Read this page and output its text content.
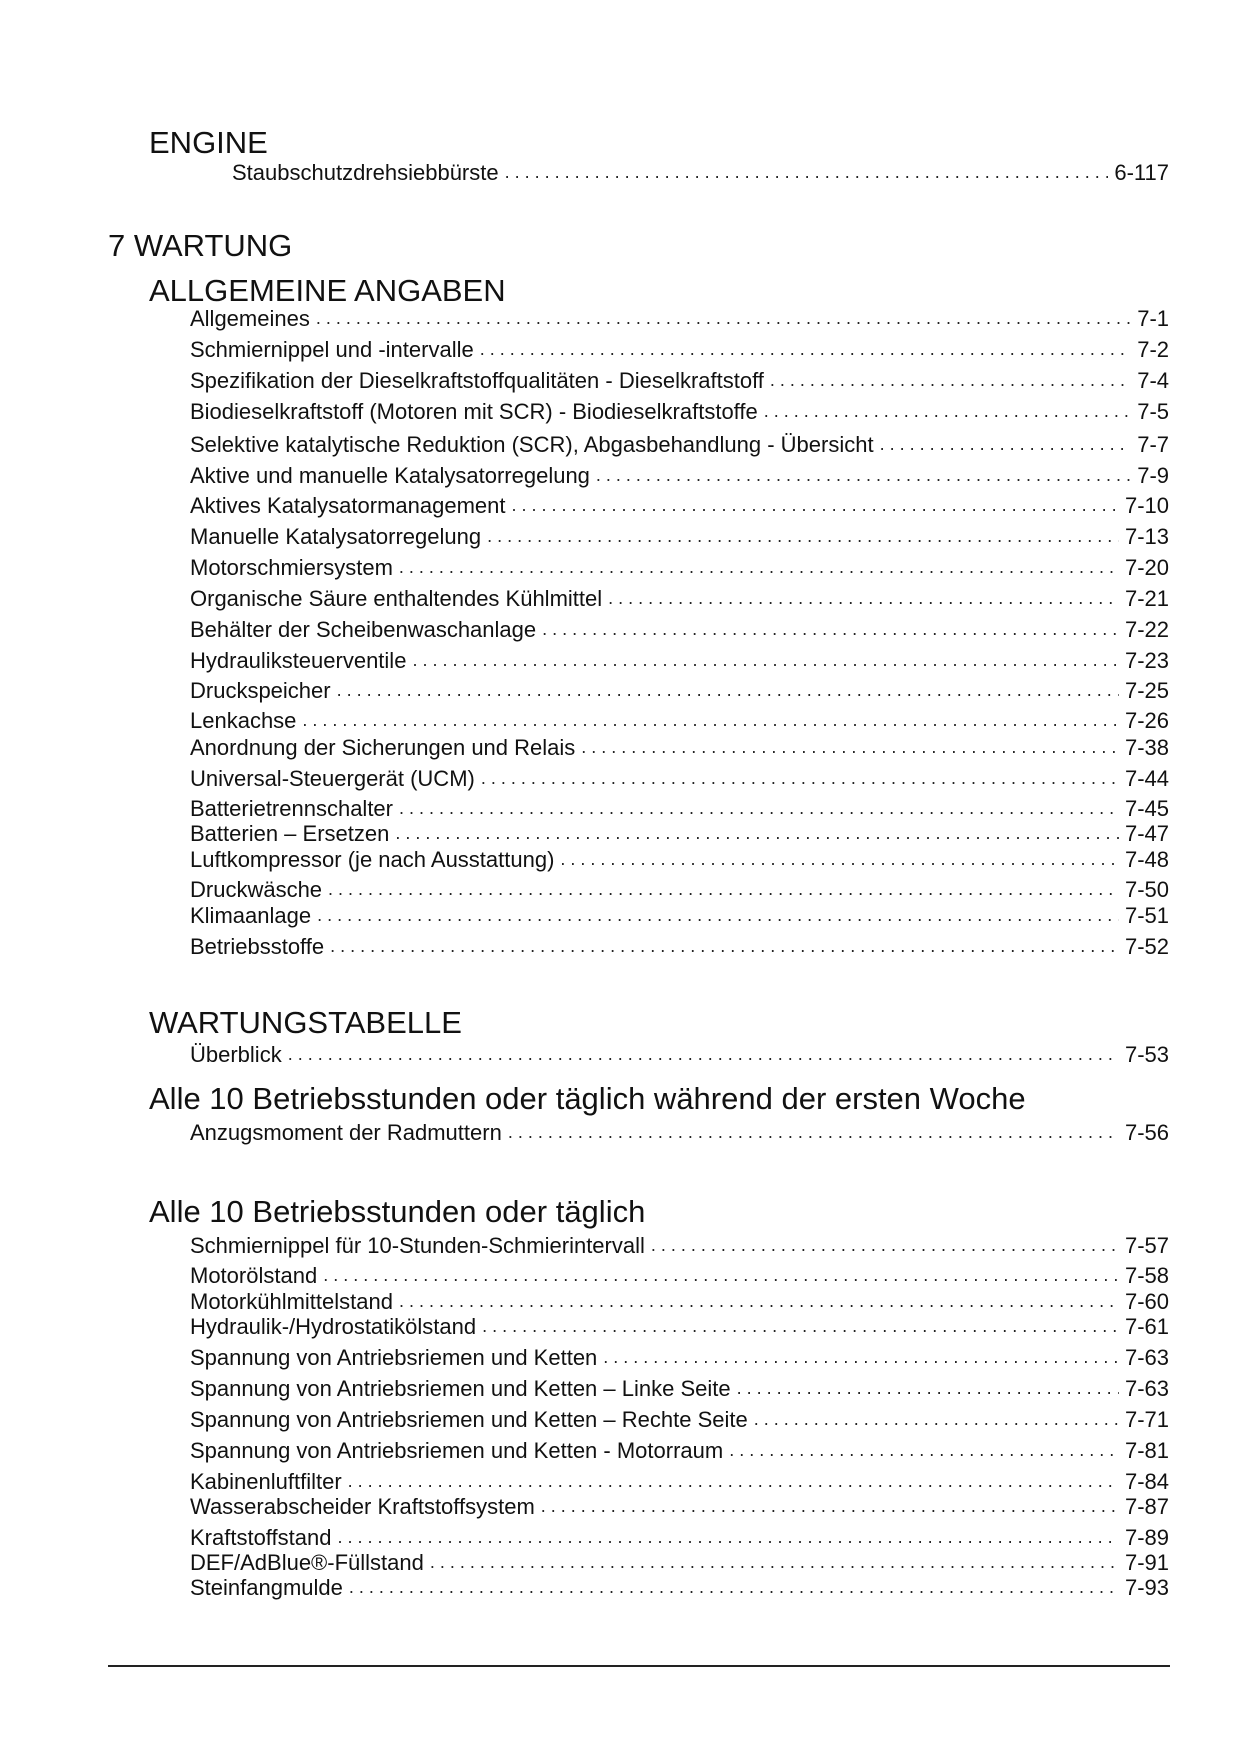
ENGINE
Staubschutzdrehsiebbürste . . .	6-117
7 WARTUNG
ALLGEMEINE ANGABEN
Allgemeines . . .	7-1
Schmiernippel und -intervalle . . .	7-2
Spezifikation der Dieselkraftstoffqualitäten - Dieselkraftstoff . . .	7-4
Biodieselkraftstoff (Motoren mit SCR) - Biodieselkraftstoffe . . .	7-5
Selektive katalytische Reduktion (SCR), Abgasbehandlung - Übersicht . . .	7-7
Aktive und manuelle Katalysatorregelung . . .	7-9
Aktives Katalysatormanagement . . .	7-10
Manuelle Katalysatorregelung . . .	7-13
Motorschmiersystem . . .	7-20
Organische Säure enthaltendes Kühlmittel . . .	7-21
Behälter der Scheibenwaschanlage . . .	7-22
Hydrauliksteuerventile . . .	7-23
Druckspeicher . . .	7-25
Lenkachse . . .	7-26
Anordnung der Sicherungen und Relais . . .	7-38
Universal-Steuergerät (UCM) . . .	7-44
Batterietrennschalter . . .	7-45
Batterien – Ersetzen . . .	7-47
Luftkompressor (je nach Ausstattung) . . .	7-48
Druckwäsche . . .	7-50
Klimaanlage . . .	7-51
Betriebsstoffe . . .	7-52
WARTUNGSTABELLE
Überblick . . .	7-53
Alle 10 Betriebsstunden oder täglich während der ersten Woche
Anzugsmoment der Radmuttern . . .	7-56
Alle 10 Betriebsstunden oder täglich
Schmiernippel für 10-Stunden-Schmierintervall . . .	7-57
Motorölstand . . .	7-58
Motorkühlmittelstand . . .	7-60
Hydraulik-/Hydrostatikölstand . . .	7-61
Spannung von Antriebsriemen und Ketten . . .	7-63
Spannung von Antriebsriemen und Ketten – Linke Seite . . .	7-63
Spannung von Antriebsriemen und Ketten – Rechte Seite . . .	7-71
Spannung von Antriebsriemen und Ketten - Motorraum . . .	7-81
Kabinenluftfilter . . .	7-84
Wasserabscheider Kraftstoffsystem . . .	7-87
Kraftstoffstand . . .	7-89
DEF/AdBlue®-Füllstand . . .	7-91
Steinfangmulde . . .	7-93
